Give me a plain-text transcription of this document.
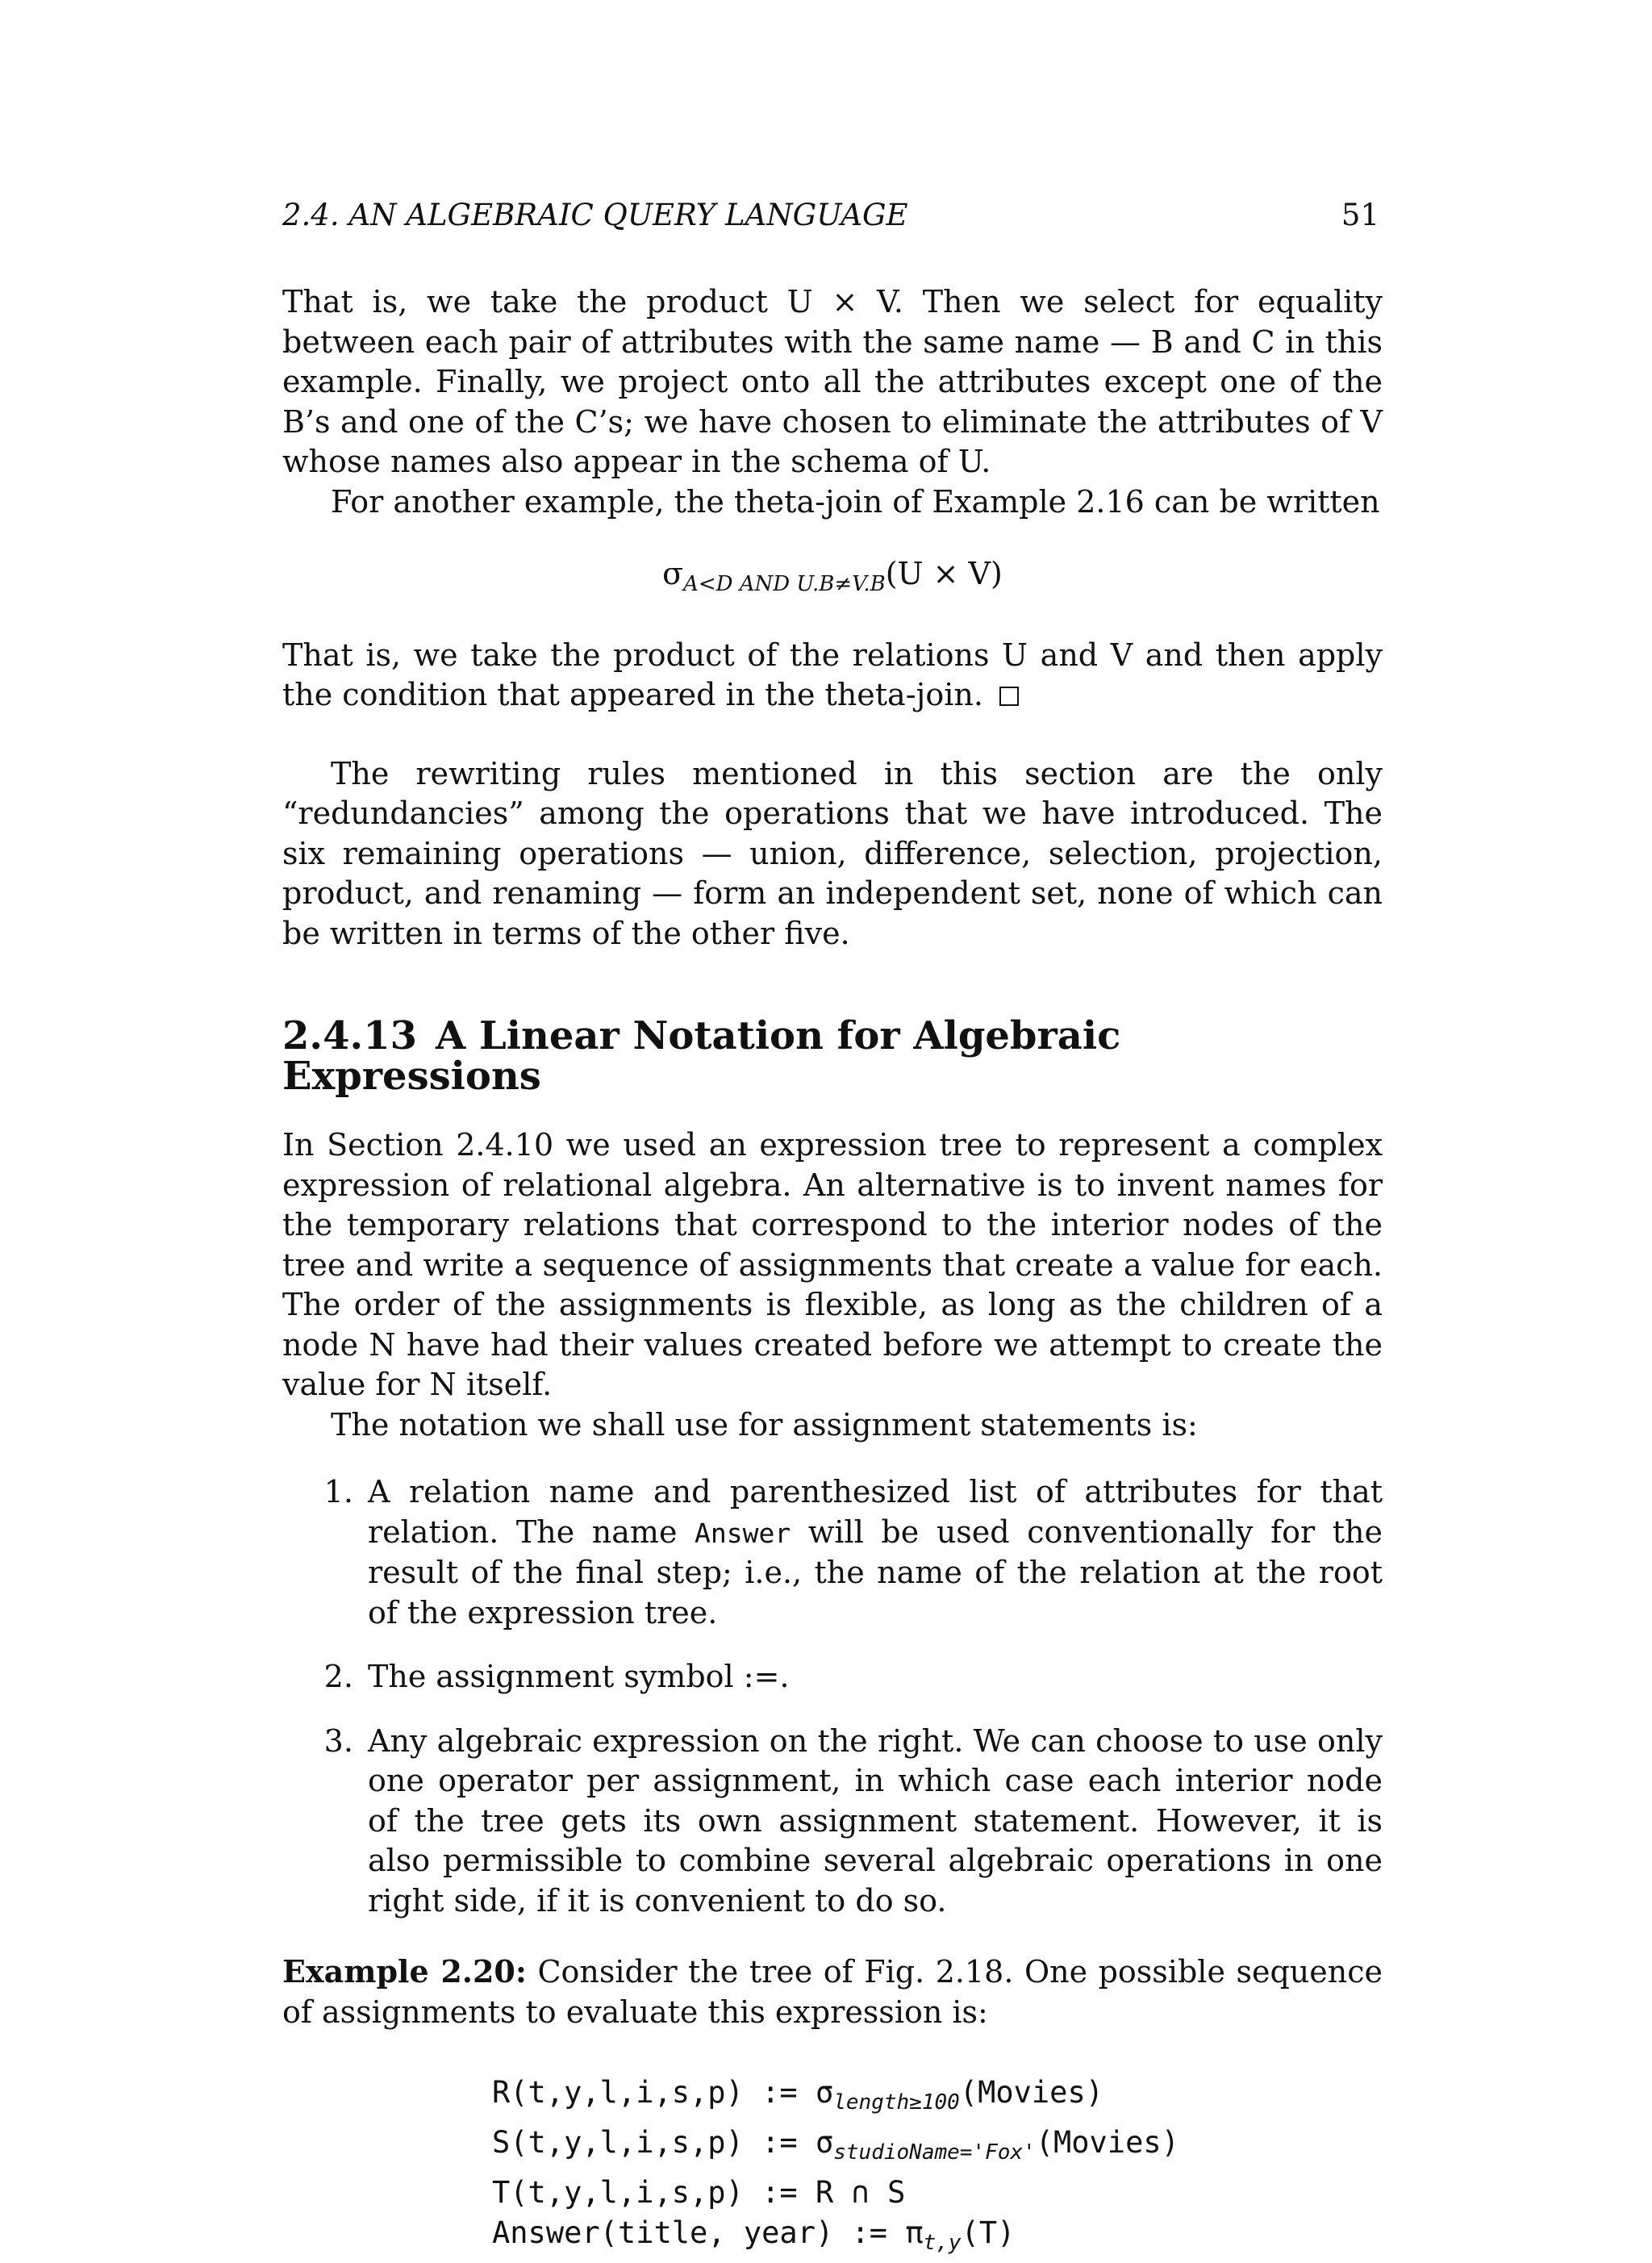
2.4. AN ALGEBRAIC QUERY LANGUAGE	51

That is, we take the product U × V. Then we select for equality between each pair of attributes with the same name — B and C in this example. Finally, we project onto all the attributes except one of the B’s and one of the C’s; we have chosen to eliminate the attributes of V whose names also appear in the schema of U.

For another example, the theta-join of Example 2.16 can be written

$\sigma_{A<D AND U.B\ne V.B}(U \times V)$

That is, we take the product of the relations U and V and then apply the condition that appeared in the theta-join.

The rewriting rules mentioned in this section are the only “redundancies” among the operations that we have introduced. The six remaining operations — union, difference, selection, projection, product, and renaming — form an independent set, none of which can be written in terms of the other five.

2.4.13 A Linear Notation for Algebraic Expressions

In Section 2.4.10 we used an expression tree to represent a complex expression of relational algebra. An alternative is to invent names for the temporary relations that correspond to the interior nodes of the tree and write a sequence of assignments that create a value for each. The order of the assignments is flexible, as long as the children of a node N have had their values created before we attempt to create the value for N itself.

The notation we shall use for assignment statements is:

1. A relation name and parenthesized list of attributes for that relation. The name Answer will be used conventionally for the result of the final step; i.e., the name of the relation at the root of the expression tree.
2. The assignment symbol :=.
3. Any algebraic expression on the right. We can choose to use only one operator per assignment, in which case each interior node of the tree gets its own assignment statement. However, it is also permissible to combine several algebraic operations in one right side, if it is convenient to do so.

Example 2.20: Consider the tree of Fig. 2.18. One possible sequence of assignments to evaluate this expression is:

R(t,y,l,i,s,p) := $\sigma_{length\ge 100}(Movies)$
S(t,y,l,i,s,p) := $\sigma_{studioName='Fox'}(Movies)$
T(t,y,l,i,s,p) := R ∩ S
Answer(title, year) := $\pi_{t,y}(T)$
